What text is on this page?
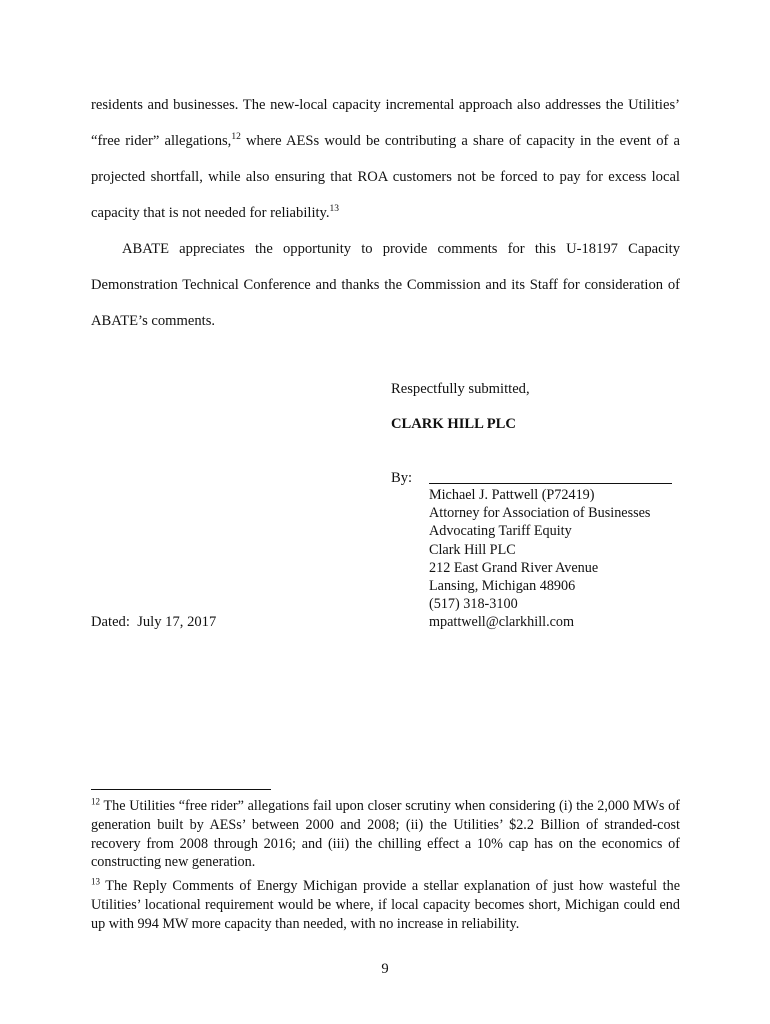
residents and businesses. The new-local capacity incremental approach also addresses the Utilities’ “free rider” allegations,$^{12}$ where AESs would be contributing a share of capacity in the event of a projected shortfall, while also ensuring that ROA customers not be forced to pay for excess local capacity that is not needed for reliability.$^{13}$

ABATE appreciates the opportunity to provide comments for this U-18197 Capacity Demonstration Technical Conference and thanks the Commission and its Staff for consideration of ABATE’s comments.

Respectfully submitted,
CLARK HILL PLC
By:
Michael J. Pattwell (P72419)
Attorney for Association of Businesses
Advocating Tariff Equity
Clark Hill PLC
212 East Grand River Avenue
Lansing, Michigan 48906
(517) 318-3100
mpattwell@clarkhill.com
Dated:  July 17, 2017

$^{12}$ The Utilities “free rider” allegations fail upon closer scrutiny when considering (i) the 2,000 MWs of generation built by AESs’ between 2000 and 2008; (ii) the Utilities’ $2.2 Billion of stranded-cost recovery from 2008 through 2016; and (iii) the chilling effect a 10% cap has on the economics of constructing new generation.

$^{13}$ The Reply Comments of Energy Michigan provide a stellar explanation of just how wasteful the Utilities’ locational requirement would be where, if local capacity becomes short, Michigan could end up with 994 MW more capacity than needed, with no increase in reliability.

9
